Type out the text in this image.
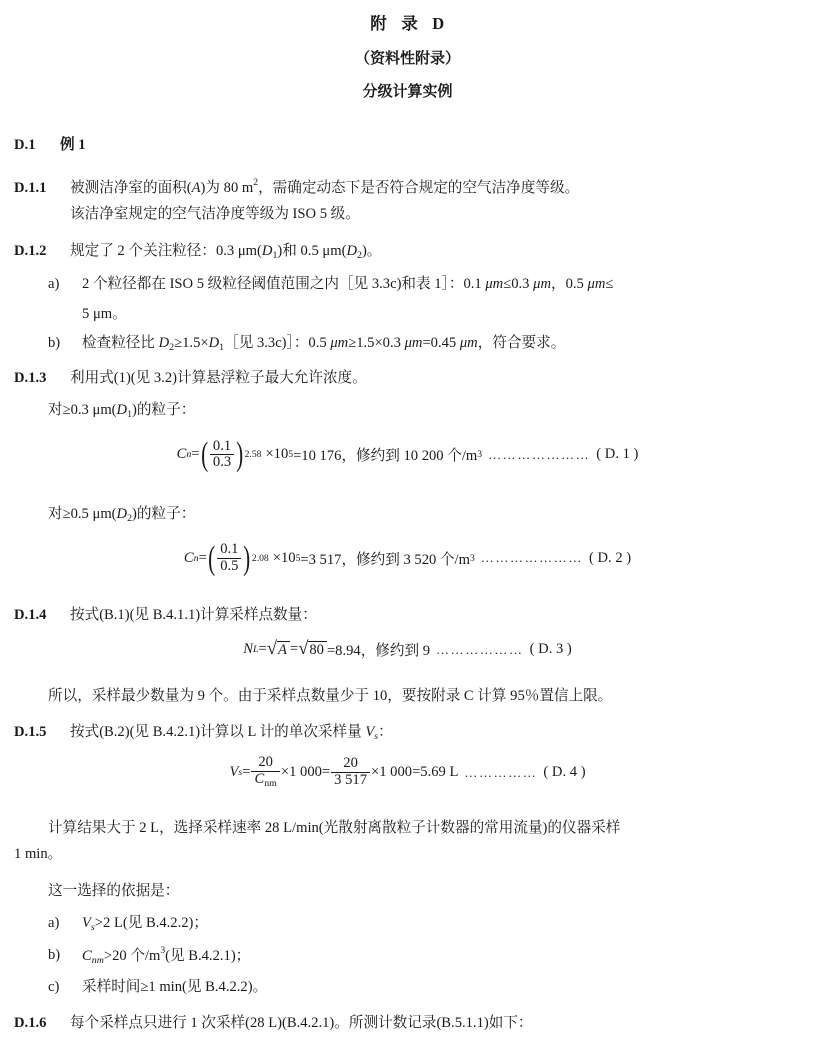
附 录 D
（资料性附录）
分级计算实例
D.1 例 1
D.1.1 被测洁净室的面积(A)为 80 m2，需确定动态下是否符合规定的空气洁净度等级。
该洁净室规定的空气洁净度等级为 ISO 5 级。
D.1.2 规定了 2 个关注粒径：0.3 μm(D1)和 0.5 μm(D2)。
a)	2 个粒径都在 ISO 5 级粒径阈值范围之内［见 3.3c)和表 1］：0.1 μm≤0.3 μm，0.5 μm≤
5 μm。
b)	检查粒径比 D2≥1.5×D1［见 3.3c)］：0.5 μm≥1.5×0.3 μm=0.45 μm，符合要求。
D.1.3 利用式(1)(见 3.2)计算悬浮粒子最大允许浓度。
对≥0.3 μm(D1)的粒子：
C n = ( $\frac{0.1}{0.3}$ ) 2.58 ×10 5 =10 176，修约到 10 200 个/m 3 ………………… ( D. 1 )
对≥0.5 μm(D2)的粒子：
C n = ( $\frac{0.1}{0.5}$ ) 2.08 ×10 5 =3 517，修约到 3 520 个/m 3 ………………… ( D. 2 )
D.1.4 按式(B.1)(见 B.4.1.1)计算采样点数量：
N L = √ A = √ 80 =8.94，修约到 9 ……………… ( D. 3 )
所以，采样最少数量为 9 个。由于采样点数量少于 10，要按附录 C 计算 95％置信上限。
D.1.5 按式(B.2)(见 B.4.2.1)计算以 L 计的单次采样量 Vs：
V $s = \frac{20}{\text{Cnm}} \times 1$ $000= \frac{20}{3 517} \times 1$ 000=5.69 L …………… ( D. 4 )
计算结果大于 2 L，选择采样速率 28 L/min(光散射离散粒子计数器的常用流量)的仪器采样
1 min。
这一选择的依据是：
a)	Vs>2 L(见 B.4.2.2)；
b)	Cnm>20 个/m3(见 B.4.2.1)；
c)	采样时间≥1 min(见 B.4.2.2)。
D.1.6 每个采样点只进行 1 次采样(28 L)(B.4.2.1)。所测计数记录(B.5.1.1)如下：
